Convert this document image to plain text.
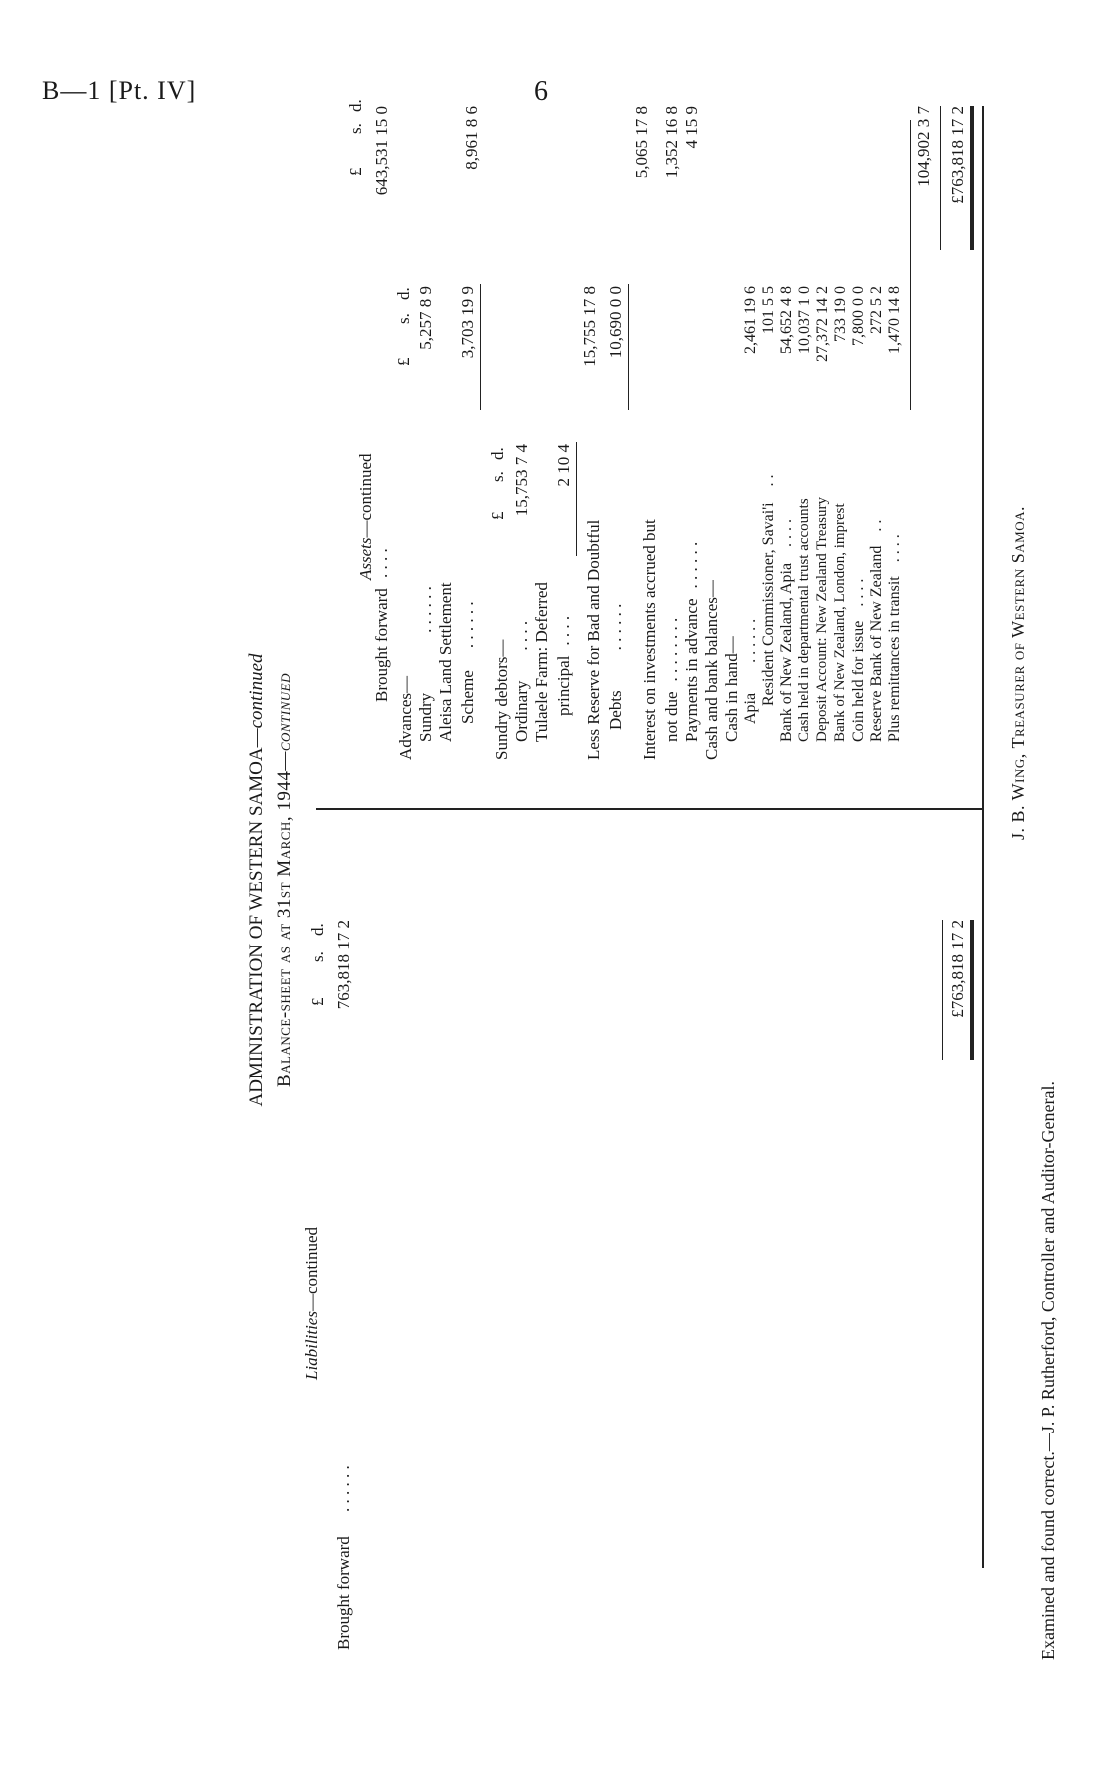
B—1 [Pt. IV]	6
ADMINISTRATION OF WESTERN SAMOA—continued
Balance-sheet as at 31st March, 1944—continued
Liabilities—continued
£
s.
d.
Brought forward . . . . . .
763,818 17 2	£763,818 17 2
Assets—continued
£
s.
d.
Brought forward . . . .
643,531 15 0
£
s.
d.
Advances— Sundry. . . . . .
5,257 8 9
Aleisa Land Settlement Scheme. . . . . .
3,703 19 9
8,961 8 6
Sundry debtors—
£
s.
d.
Ordinary. . . .
15,753 7 4
Tulaele Farm: Deferred principal. . . .
2 10 4
15,755 17 8
Less Reserve for Bad and Doubtful Debts. . . . . .
10,690 0 0
5,065 17 8
Interest on investments accrued but not due. . . . . . . .
1,352 16 8
Payments in advance. . . . . .
4 15 9
Cash and bank balances— Cash in hand— Apia. . . . . .
2,461 19 6
Resident Commissioner, Savai'i. .
101 5 5
Bank of New Zealand, Apia. . . .
54,652 4 8
Cash held in departmental trust accounts
10,037 1 0
Deposit Account: New Zealand Treasury
27,372 14 2
Bank of New Zealand, London, imprest
733 19 0
Coin held for issue. . . .
7,800 0 0
Reserve Bank of New Zealand. .
272 5 2
Plus remittances in transit. . . .
1,470 14 8
104,902 3 7 £763,818 17 2
J. B. Wing, Treasurer of Western Samoa.
Examined and found correct.—J. P. Rutherford, Controller and Auditor-General.
